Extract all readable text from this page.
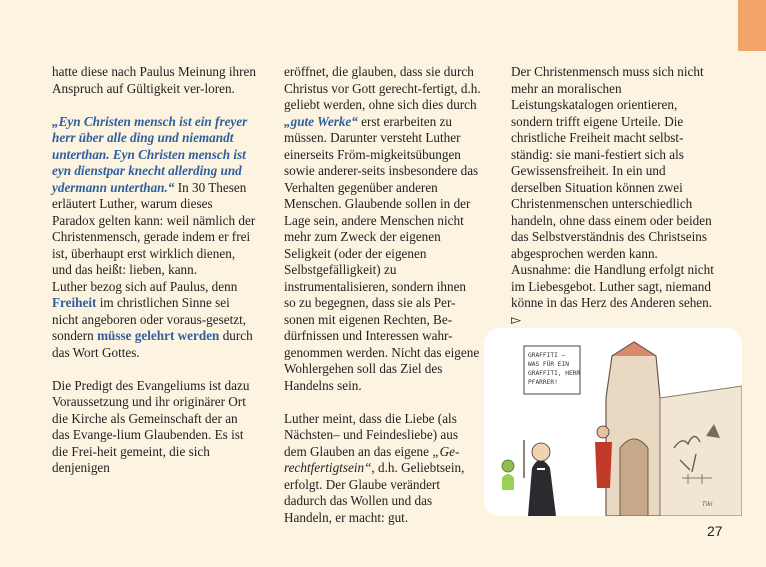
hatte diese nach Paulus Meinung ihren Anspruch auf Gültigkeit ver-loren.

„Eyn Christen mensch ist ein freyer herr über alle ding und niemandt unterthan. Eyn Christen mensch ist eyn dienstpar knecht allerding und ydermann unterthan.“ In 30 Thesen erläutert Luther, warum dieses Paradox gelten kann: weil nämlich der Christenmensch, gerade indem er frei ist, überhaupt erst wirklich dienen, und das heißt: lieben, kann.

Luther bezog sich auf Paulus, denn Freiheit im christlichen Sinne sei nicht angeboren oder voraus-gesetzt, sondern müsse gelehrt werden durch das Wort Gottes.

Die Predigt des Evangeliums ist dazu Voraussetzung und ihr originärer Ort die Kirche als Gemeinschaft der an das Evange-lium Glaubenden. Es ist die Frei-heit gemeint, die sich denjenigen

eröffnet, die glauben, dass sie durch Christus vor Gott gerecht-fertigt, d.h. geliebt werden, ohne sich dies durch „gute Werke“ erst erarbeiten zu müssen. Darunter versteht Luther einerseits Fröm-migkeitsübungen sowie anderer-seits insbesondere das Verhalten gegenüber anderen Menschen. Glaubende sollen in der Lage sein, andere Menschen nicht mehr zum Zweck der eigenen Seligkeit (oder der eigenen Selbstgefälligkeit) zu instrumentalisieren, sondern ihnen so zu begegnen, dass sie als Per-sonen mit eigenen Rechten, Be-dürfnissen und Interessen wahr-genommen werden. Nicht das eigene Wohlergehen soll das Ziel des Handelns sein.

Luther meint, dass die Liebe (als Nächsten– und Feindesliebe) aus dem Glauben an das eigene „Ge-rechtfertigtsein“, d.h. Geliebtsein, erfolgt. Der Glaube verändert dadurch das Wollen und das Handeln, er macht: gut.

Der Christenmensch muss sich nicht mehr an moralischen Leistungskatalogen orientieren, sondern trifft eigene Urteile. Die christliche Freiheit macht selbst-ständig: sie mani-festiert sich als Gewissensfreiheit. In ein und derselben Situation können zwei Christenmenschen unterschiedlich handeln, ohne dass einem oder beiden das Selbstverständnis des Christseins abgesprochen werden kann. Ausnahme: die Handlung erfolgt nicht im Liebesgebot. Luther sagt, niemand könne in das Herz des Anderen sehen. ▻

GRAFFITI –
WAS FÜR EIN
GRAFFITI, HERR
PFARRER!
Tiki
27
